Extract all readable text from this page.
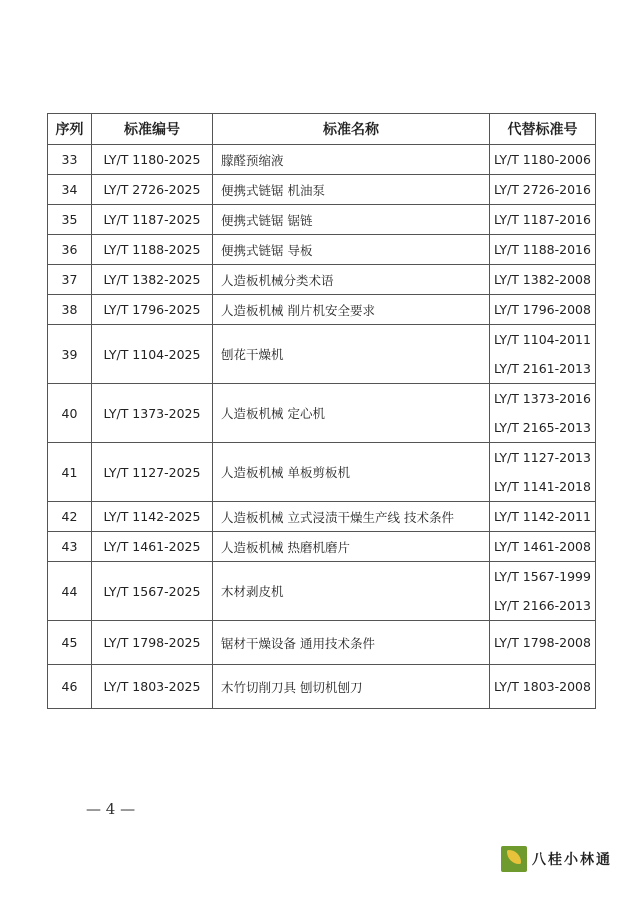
序列	标准编号	标准名称	代替标准号
33	LY/T 1180-2025	朦醛预缩液	LY/T 1180-2006

34	LY/T 2726-2025	便携式链锯 机油泵	LY/T 2726-2016

35	LY/T 1187-2025	便携式链锯 锯链	LY/T 1187-2016

36	LY/T 1188-2025	便携式链锯 导板	LY/T 1188-2016

37	LY/T 1382-2025	人造板机械分类术语	LY/T 1382-2008

38	LY/T 1796-2025	人造板机械 削片机安全要求	LY/T 1796-2008

39	LY/T 1104-2025	刨花干燥机	LY/T 1104-2011
LY/T 2161-2013

40	LY/T 1373-2025	人造板机械 定心机	LY/T 1373-2016
LY/T 2165-2013

41	LY/T 1127-2025	人造板机械 单板剪板机	LY/T 1127-2013
LY/T 1141-2018

42	LY/T 1142-2025	人造板机械 立式浸渍干燥生产线 技术条件	LY/T 1142-2011

43	LY/T 1461-2025	人造板机械 热磨机磨片	LY/T 1461-2008

44	LY/T 1567-2025	木材剥皮机	LY/T 1567-1999
LY/T 2166-2013

45	LY/T 1798-2025	锯材干燥设备 通用技术条件	LY/T 1798-2008

46	LY/T 1803-2025	木竹切削刀具 刨切机刨刀	LY/T 1803-2008
— 4 —
八桂小林通
